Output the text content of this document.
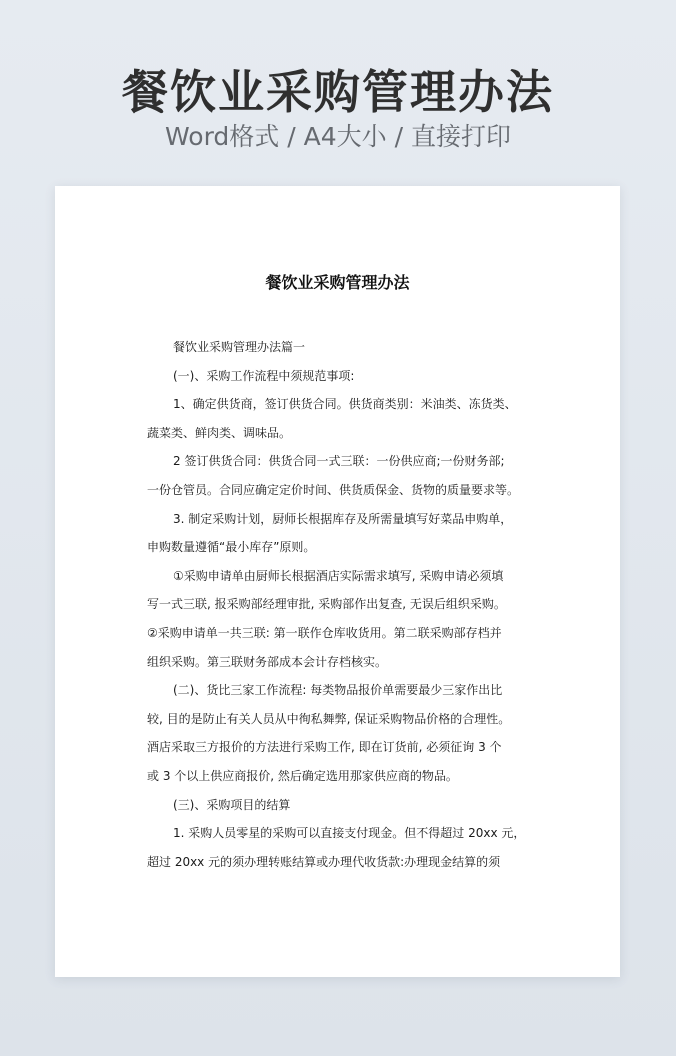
餐饮业采购管理办法
Word格式 / A4大小 / 直接打印
餐饮业采购管理办法
餐饮业采购管理办法篇一
(一)、采购工作流程中须规范事项:
1、确定供货商，签订供货合同。供货商类别：米油类、冻货类、
蔬菜类、鲜肉类、调味品。
2 签订供货合同：供货合同一式三联：一份供应商;一份财务部;
一份仓管员。合同应确定定价时间、供货质保金、货物的质量要求等。
3. 制定采购计划，厨师长根据库存及所需量填写好菜品申购单，
申购数量遵循“最小库存”原则。
①采购申请单由厨师长根据酒店实际需求填写, 采购申请必须填
写一式三联, 报采购部经理审批, 采购部作出复查, 无误后组织采购。
②采购申请单一共三联: 第一联作仓库收货用。第二联采购部存档并
组织采购。第三联财务部成本会计存档核实。
(二)、货比三家工作流程: 每类物品报价单需要最少三家作出比
较, 目的是防止有关人员从中徇私舞弊, 保证采购物品价格的合理性。
酒店采取三方报价的方法进行采购工作, 即在订货前, 必须征询 3 个
或 3 个以上供应商报价, 然后确定选用那家供应商的物品。
(三)、采购项目的结算
1. 采购人员零星的采购可以直接支付现金。但不得超过 20xx 元，
超过 20xx 元的须办理转账结算或办理代收货款:办理现金结算的须
